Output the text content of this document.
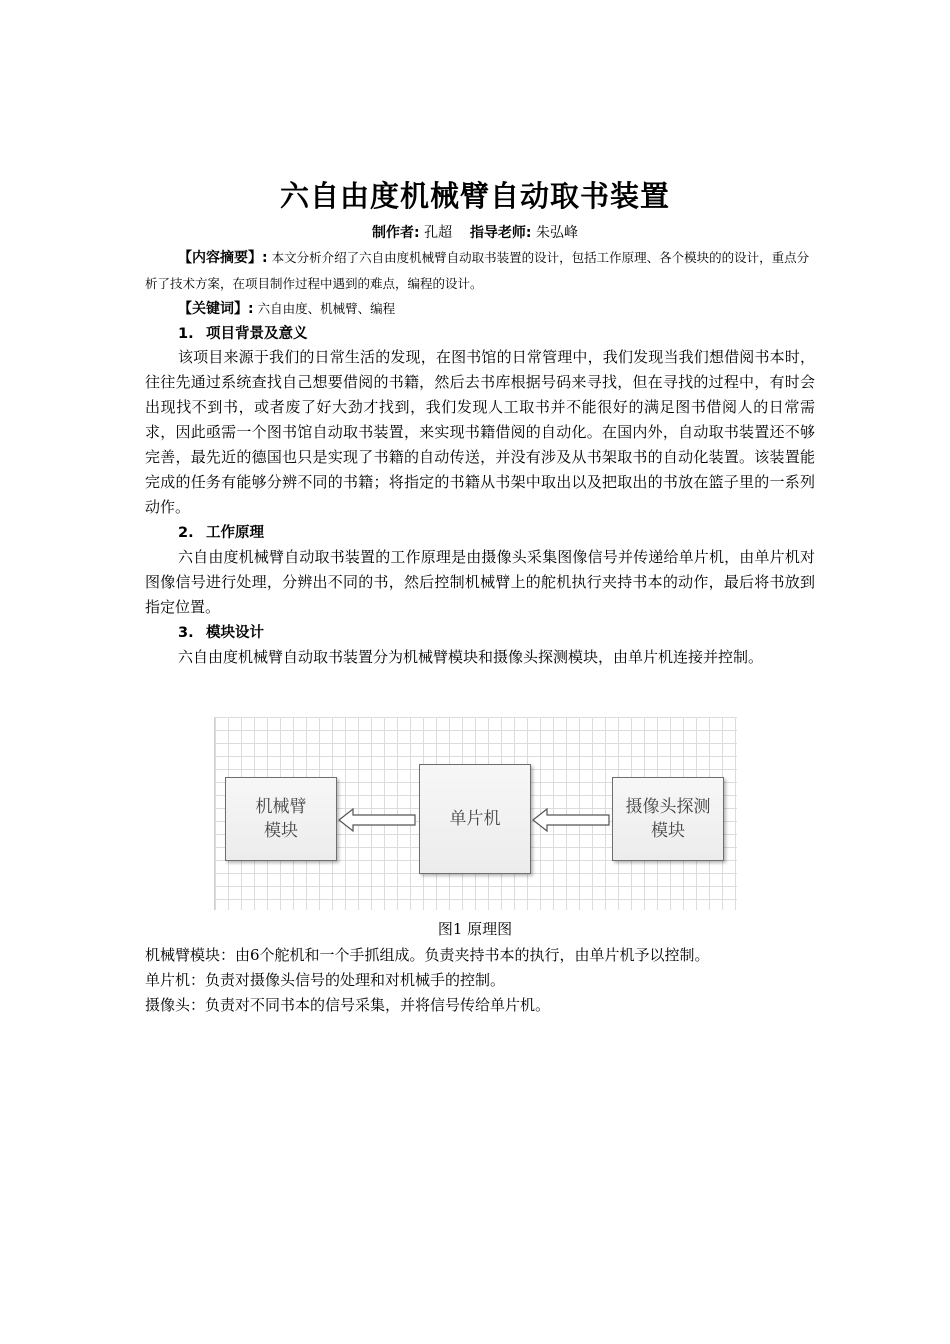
六自由度机械臂自动取书装置
制作者: 孔超 指导老师: 朱弘峰
【内容摘要】: 本文分析介绍了六自由度机械臂自动取书装置的设计，包括工作原理、各个模块的的设计，重点分析了技术方案，在项目制作过程中遇到的难点，编程的设计。
【关键词】: 六自由度、机械臂、编程
1. 项目背景及意义
该项目来源于我们的日常生活的发现，在图书馆的日常管理中，我们发现当我们想借阅书本时，往往先通过系统查找自己想要借阅的书籍，然后去书库根据号码来寻找，但在寻找的过程中，有时会出现找不到书，或者废了好大劲才找到，我们发现人工取书并不能很好的满足图书借阅人的日常需求，因此亟需一个图书馆自动取书装置，来实现书籍借阅的自动化。在国内外，自动取书装置还不够完善，最先近的德国也只是实现了书籍的自动传送，并没有涉及从书架取书的自动化装置。该装置能完成的任务有能够分辨不同的书籍；将指定的书籍从书架中取出以及把取出的书放在篮子里的一系列动作。
2. 工作原理
六自由度机械臂自动取书装置的工作原理是由摄像头采集图像信号并传递给单片机，由单片机对图像信号进行处理，分辨出不同的书，然后控制机械臂上的舵机执行夹持书本的动作，最后将书放到指定位置。
3. 模块设计
六自由度机械臂自动取书装置分为机械臂模块和摄像头探测模块，由单片机连接并控制。
机械臂模块
单片机
摄像头探测模块
图1 原理图
机械臂模块：由6个舵机和一个手抓组成。负责夹持书本的执行，由单片机予以控制。
单片机：负责对摄像头信号的处理和对机械手的控制。
摄像头：负责对不同书本的信号采集，并将信号传给单片机。
